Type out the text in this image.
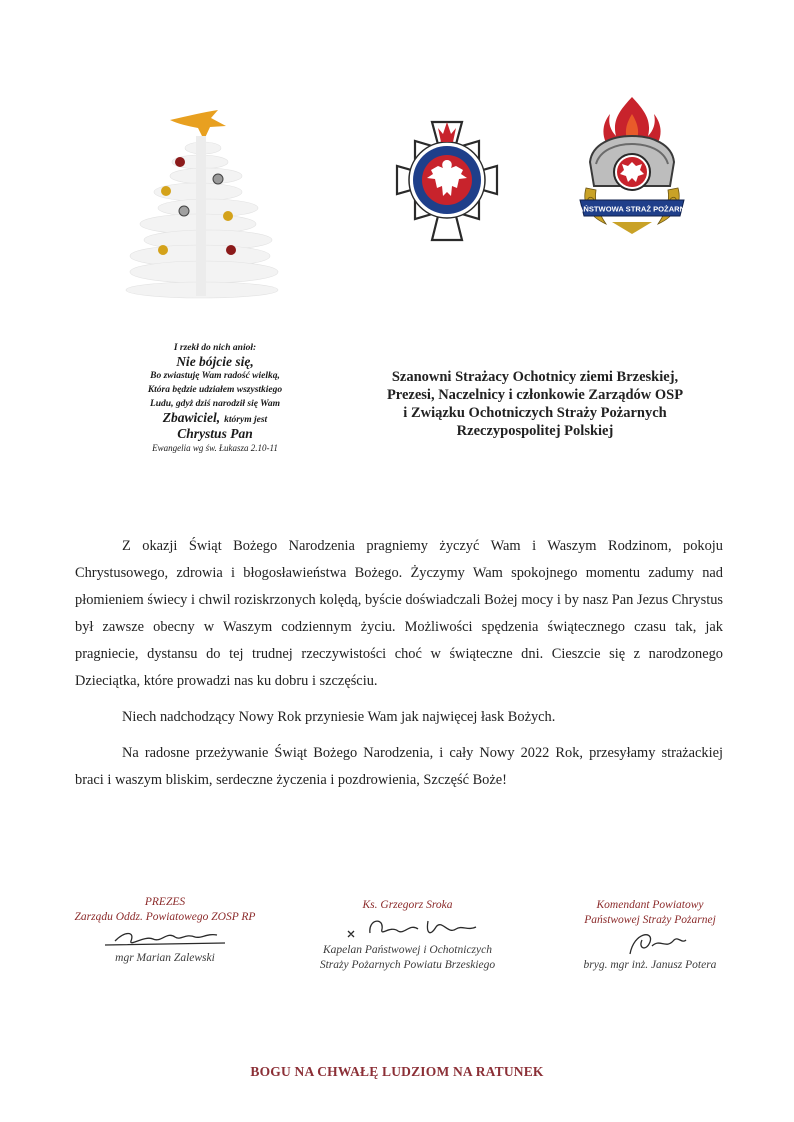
PAŃSTWOWA STRAŻ POŻARNA
I rzekł do nich anioł:
Nie bójcie się,
Bo zwiastuję Wam radość wielką,
Która będzie udziałem wszystkiego
Ludu, gdyż dziś narodził się Wam
Zbawiciel, którym jest
Chrystus Pan
Ewangelia wg św. Łukasza 2.10-11
Szanowni Strażacy Ochotnicy ziemi Brzeskiej,
Prezesi, Naczelnicy i członkowie Zarządów OSP
i Związku Ochotniczych Straży Pożarnych
Rzeczypospolitej Polskiej

Z okazji Świąt Bożego Narodzenia pragniemy życzyć Wam i Waszym Rodzinom, pokoju Chrystusowego, zdrowia i błogosławieństwa Bożego. Życzymy Wam spokojnego momentu zadumy nad płomieniem świecy i chwil roziskrzonych kolędą, byście doświadczali Bożej mocy i by nasz Pan Jezus Chrystus był zawsze obecny w Waszym codziennym życiu. Możliwości spędzenia świątecznego czasu tak, jak pragniecie, dystansu do tej trudnej rzeczywistości choć w świąteczne dni. Cieszcie się z narodzonego Dzieciątka, które prowadzi nas ku dobru i szczęściu.

Niech nadchodzący Nowy Rok przyniesie Wam jak najwięcej łask Bożych.

Na radosne przeżywanie Świąt Bożego Narodzenia, i cały Nowy 2022 Rok, przesyłamy strażackiej braci i waszym bliskim, serdeczne życzenia i pozdrowienia, Szczęść Boże!

PREZES
Zarządu Oddz. Powiatowego ZOSP RP
mgr Marian Zalewski
Ks. Grzegorz Sroka
Kapelan Państwowej i Ochotniczych
Straży Pożarnych Powiatu Brzeskiego
Komendant Powiatowy
Państwowej Straży Pożarnej
bryg. mgr inż. Janusz Potera
BOGU NA CHWAŁĘ LUDZIOM NA RATUNEK
